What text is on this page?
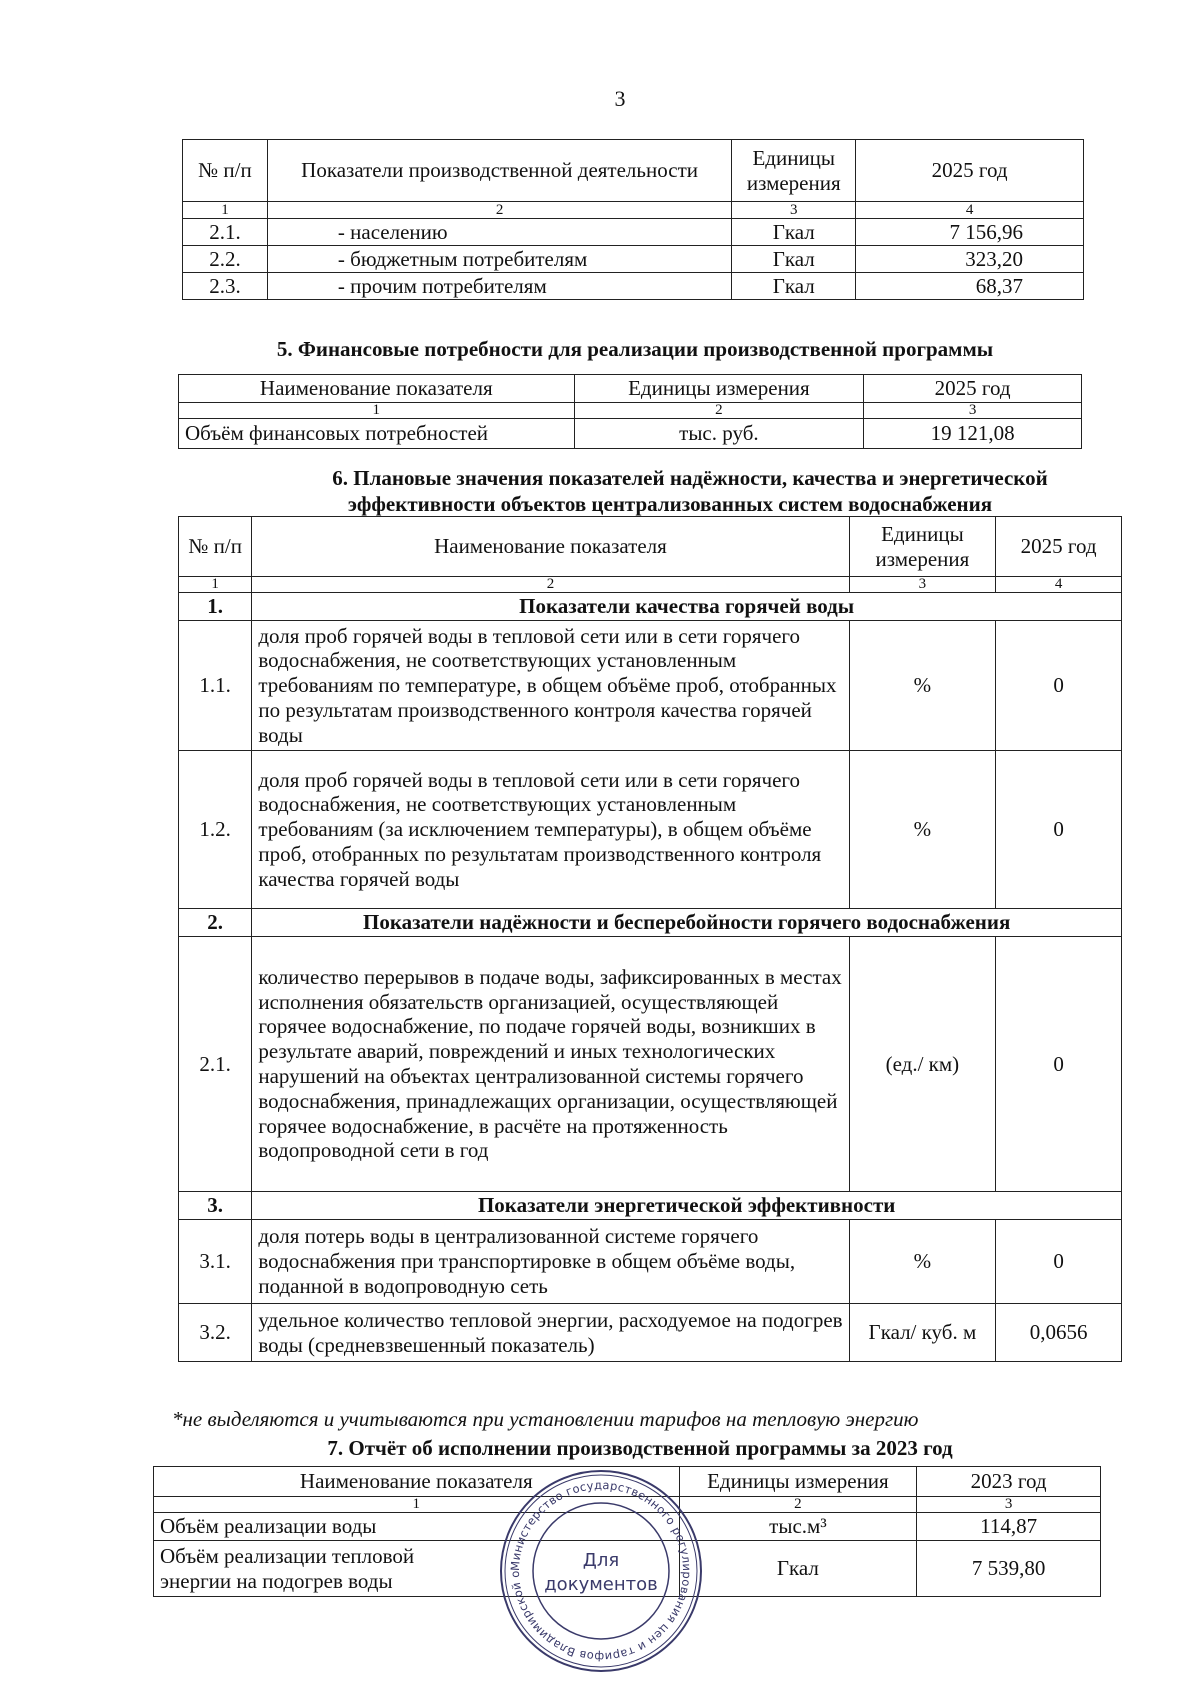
3
№ п/п	Показатели производственной деятельности	Единицы измерения	2025 год
1	2	3	4
2.1.	- населению	Гкал	7 156,96
2.2.	- бюджетным потребителям	Гкал	323,20
2.3.	- прочим потребителям	Гкал	68,37
5. Финансовые потребности для реализации производственной программы
Наименование показателя	Единицы измерения	2025 год
1	2	3
Объём финансовых потребностей	тыс. руб.	19 121,08
6. Плановые значения показателей надёжности, качества и энергетической
эффективности объектов централизованных систем водоснабжения
№ п/п	Наименование показателя	Единицы измерения	2025 год
1	2	3	4
1.	Показатели качества горячей воды		
1.1.	доля проб горячей воды в тепловой сети или в сети горячего водоснабжения, не соответствующих установленным требованиям по температуре, в общем объёме проб, отобранных по результатам производственного контроля качества горячей воды	%	0
1.2.	доля проб горячей воды в тепловой сети или в сети горячего водоснабжения, не соответствующих установленным требованиям (за исключением температуры), в общем объёме проб, отобранных по результатам производственного контроля качества горячей воды	%	0
2.	Показатели надёжности и бесперебойности горячего водоснабжения		
2.1.	количество перерывов в подаче воды, зафиксированных в местах исполнения обязательств организацией, осуществляющей горячее водоснабжение, по подаче горячей воды, возникших в результате аварий, повреждений и иных технологических нарушений на объектах централизованной системы горячего водоснабжения, принадлежащих организации, осуществляющей горячее водоснабжение, в расчёте на протяженность водопроводной сети в год	(ед./ км)	0
3.	Показатели энергетической эффективности		
3.1.	доля потерь воды в централизованной системе горячего водоснабжения при транспортировке в общем объёме воды, поданной в водопроводную сеть	%	0
3.2.	удельное количество тепловой энергии, расходуемое на подогрев воды (средневзвешенный показатель)	Гкал/ куб. м	0,0656
*не выделяются и учитываются при установлении тарифов на тепловую энергию
7. Отчёт об исполнении производственной программы за 2023 год
Наименование показателя	Единицы измерения	2023 год
1	2	3
Объём реализации воды	тыс.м³	114,87
Объём реализации тепловой энергии на подогрев воды	Гкал	7 539,80
Министерство государственного регулирования цен и тарифов Владимирской о
Для
документов
